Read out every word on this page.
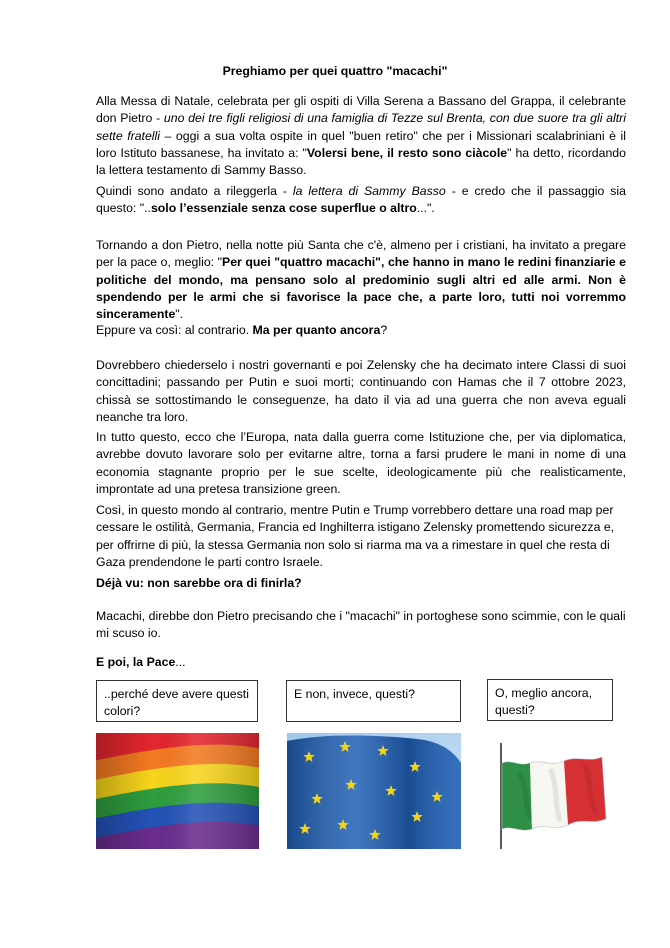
Preghiamo per quei quattro "macachi"

Alla Messa di Natale, celebrata per gli ospiti di Villa Serena a Bassano del Grappa, il celebrante don Pietro - uno dei tre figli religiosi di una famiglia di Tezze sul Brenta, con due suore tra gli altri sette fratelli – oggi a sua volta ospite in quel "buen retiro" che per i Missionari scalabriniani è il loro Istituto bassanese, ha invitato a: "Volersi bene, il resto sono ciàcole" ha detto, ricordando la lettera testamento di Sammy Basso.

Quindi sono andato a rileggerla - la lettera di Sammy Basso - e credo che il passaggio sia questo: "..solo l’essenziale senza cose superflue o altro...".

Tornando a don Pietro, nella notte più Santa che c'è, almeno per i cristiani, ha invitato a pregare per la pace o, meglio: "Per quei "quattro macachi", che hanno in mano le redini finanziarie e politiche del mondo, ma pensano solo al predominio sugli altri ed alle armi. Non è spendendo per le armi che si favorisce la pace che, a parte loro, tutti noi vorremmo sinceramente".

Eppure va così: al contrario. Ma per quanto ancora?

Dovrebbero chiederselo i nostri governanti e poi Zelensky che ha decimato intere Classi di suoi concittadini; passando per Putin e suoi morti; continuando con Hamas che il 7 ottobre 2023, chissà se sottostimando le conseguenze, ha dato il via ad una guerra che non aveva eguali neanche tra loro.

In tutto questo, ecco che l’Europa, nata dalla guerra come Istituzione che, per via diplomatica, avrebbe dovuto lavorare solo per evitarne altre, torna a farsi prudere le mani in nome di una economia stagnante proprio per le sue scelte, ideologicamente più che realisticamente, improntate ad una pretesa transizione green.

Così, in questo mondo al contrario, mentre Putin e Trump vorrebbero dettare una road map per cessare le ostilità, Germania, Francia ed Inghilterra istigano Zelensky promettendo sicurezza e, per offrirne di più, la stessa Germania non solo si riarma ma va a rimestare in quel che resta di Gaza prendendone le parti contro Israele.

Déjà vu: non sarebbe ora di finirla?

Macachi, direbbe don Pietro precisando che i "macachi" in portoghese sono scimmie, con le quali mi scuso io.

E poi, la Pace...

..perché deve avere questi colori?
E non, invece, questi?	O, meglio ancora, questi?
